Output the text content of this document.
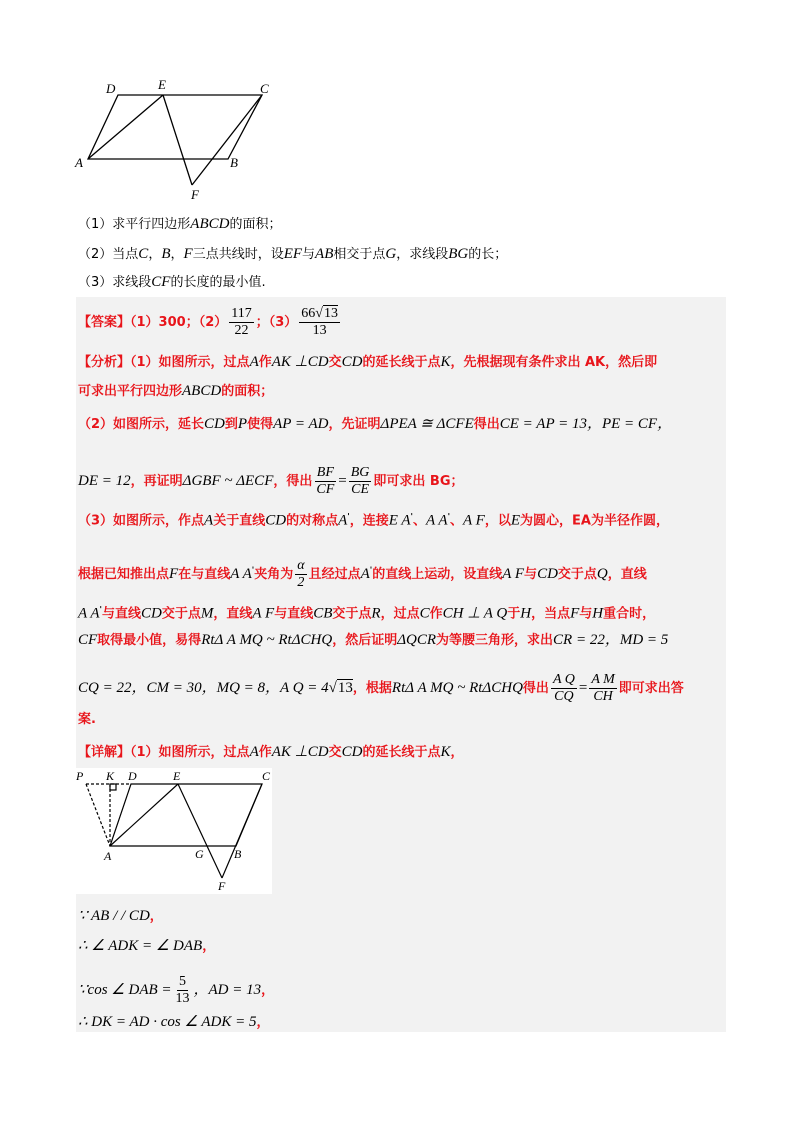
D	E	C
A	B
F
（1）求平行四边形ABCD的面积；
（2）当点C，B，F三点共线时，设EF与AB相交于点G，求线段BG的长；
（3）求线段CF的长度的最小值.
【答案】（1）300；$(2) \frac{117}{22}$ ；$(3) \frac{66√13}{13}$
【分析】（1）如图所示，过点A作AK ⊥CD交CD的延长线于点K，先根据现有条件求出 AK，然后即
可求出平行四边形ABCD的面积；
（2）如图所示，延长CD到P使得AP = AD，先证明ΔPEA ≅ ΔCFE得出CE = AP = 13，PE = CF，
DE = 12，再证明ΔGBF ~ ΔECF，得出 $\frac{BF}{CF} = \frac{BG}{CE}$ 即可求出 BG；
（3）如图所示，作点A关于直线CD的对称点A'，连接E A'、A A'、A F，以E为圆心，EA为半径作圆，
根据已知推出点F在与直线A A'夹角为 $\frac{\alpha}{2}$ 且经过点A'的直线上运动，设直线A F与CD交于点Q，直线
A A'与直线CD交于点M，直线A F与直线CB交于点R，过点C作CH ⊥ A Q于H，当点F与H重合时，
CF取得最小值，易得RtΔ A MQ ~ RtΔCHQ，然后证明ΔQCR为等腰三角形，求出CR = 22，MD = 5
CQ = 22，CM = 30，MQ = 8，A Q = 4√13，根据RtΔ A MQ ~ RtΔCHQ得出 $\frac{\text{A Q}}{CQ} = \frac{\text{A M}}{CH}$ 即可求出答
案.
【详解】（1）如图所示，过点A作AK ⊥CD交CD的延长线于点K，
P K D	E	C
A	G	B
F
∵ AB / / CD，
∴ ∠ ADK = ∠ DAB，
∵cos ∠ DAB = $\frac{5}{13}$ ，AD = 13，
∴ DK = AD · cos ∠ ADK = 5，
